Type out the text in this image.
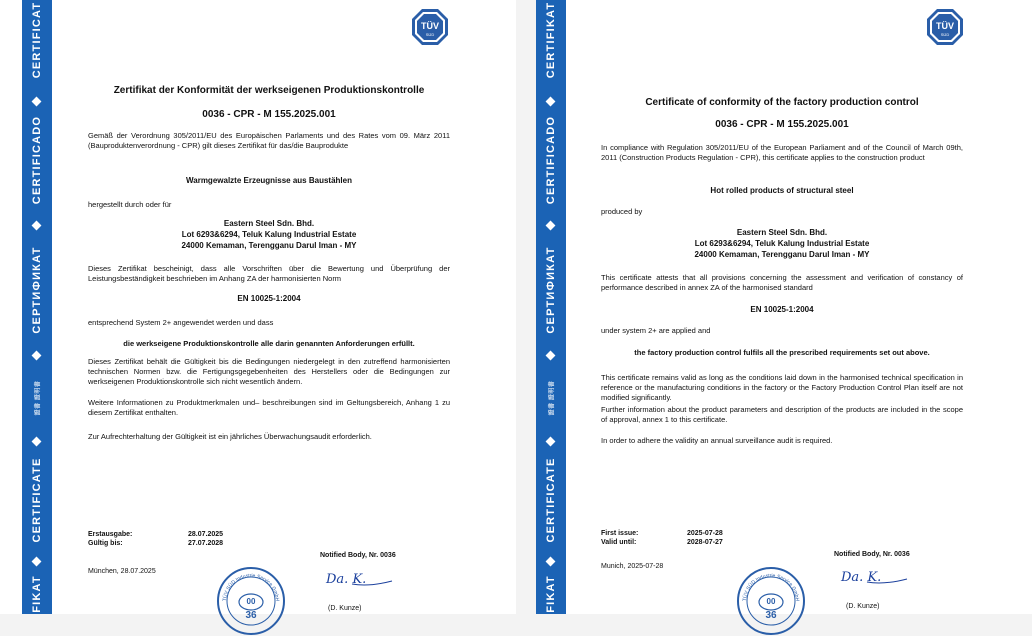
CERTIFICAT
CERTIFICADO
СЕРТИФИКАТ
證書 證明書
CERTIFICATE
FIKAT
TÜV
SÜD
Zertifikat der Konformität der werkseigenen Produktionskontrolle
0036 - CPR - M 155.2025.001
Gemäß der Verordnung 305/2011/EU des Europäischen Parlaments und des Rates vom 09. März 2011 (Bauproduktenverordnung - CPR) gilt dieses Zertifikat für das/die Bauprodukte
Warmgewalzte Erzeugnisse aus Baustählen
hergestellt durch oder für
Eastern Steel Sdn. Bhd.
Lot 6293&6294, Teluk Kalung Industrial Estate
24000 Kemaman, Terengganu Darul Iman - MY
Dieses Zertifikat bescheinigt, dass alle Vorschriften über die Bewertung und Überprüfung der Leistungsbeständigkeit beschrieben im Anhang ZA der harmonisierten Norm
EN 10025-1:2004
entsprechend System 2+ angewendet werden und dass
die werkseigene Produktionskontrolle alle darin genannten Anforderungen erfüllt.
Dieses Zertifikat behält die Gültigkeit bis die Bedingungen niedergelegt in den zutreffend harmonisierten technischen Normen bzw. die Fertigungsgegebenheiten des Herstellers oder die Bedingungen zur werkseigenen Produktionskontrolle sich nicht wesentlich ändern.
Weitere Informationen zu Produktmerkmalen und– beschreibungen sind im Geltungsbereich, Anhang 1 zu diesem Zertifikat enthalten.
Zur Aufrechterhaltung der Gültigkeit ist ein jährliches Überwachungsaudit erforderlich.
Erstausgabe:	28.07.2025
Gültig bis:	27.07.2028
Notified Body, Nr. 0036
München, 28.07.2025
TÜV SÜD Industrie Service GmbH
00
36
Da. K.
(D. Kunze)
CERTIFIKAT
CERTIFICADO
СЕРТИФИКАТ
證書 證明書
CERTIFICATE
FIKAT
TÜV
SÜD
Certificate of conformity of the factory production control
0036 - CPR - M 155.2025.001
In compliance with Regulation 305/2011/EU of the European Parliament and of the Council of March 09th, 2011 (Construction Products Regulation - CPR), this certificate applies to the construction product
Hot rolled products of structural steel
produced by
Eastern Steel Sdn. Bhd.
Lot 6293&6294, Teluk Kalung Industrial Estate
24000 Kemaman, Terengganu Darul Iman - MY
This certificate attests that all provisions concerning the assessment and verification of constancy of performance described in annex ZA of the harmonised standard
EN 10025-1:2004
under system 2+ are applied and
the factory production control fulfils all the prescribed requirements set out above.
This certificate remains valid as long as the conditions laid down in the harmonised technical specification in reference or the manufacturing conditions in the factory or the Factory Production Control Plan itself are not modified significantly.
Further information about the product parameters and description of the products are included in the scope of approval, annex 1 to this certificate.
In order to adhere the validity an annual surveillance audit is required.
First issue:	2025-07-28
Valid until:	2028-07-27
Notified Body, Nr. 0036
Munich, 2025-07-28
TÜV SÜD Industrie Service GmbH
00
36
Da. K.
(D. Kunze)
